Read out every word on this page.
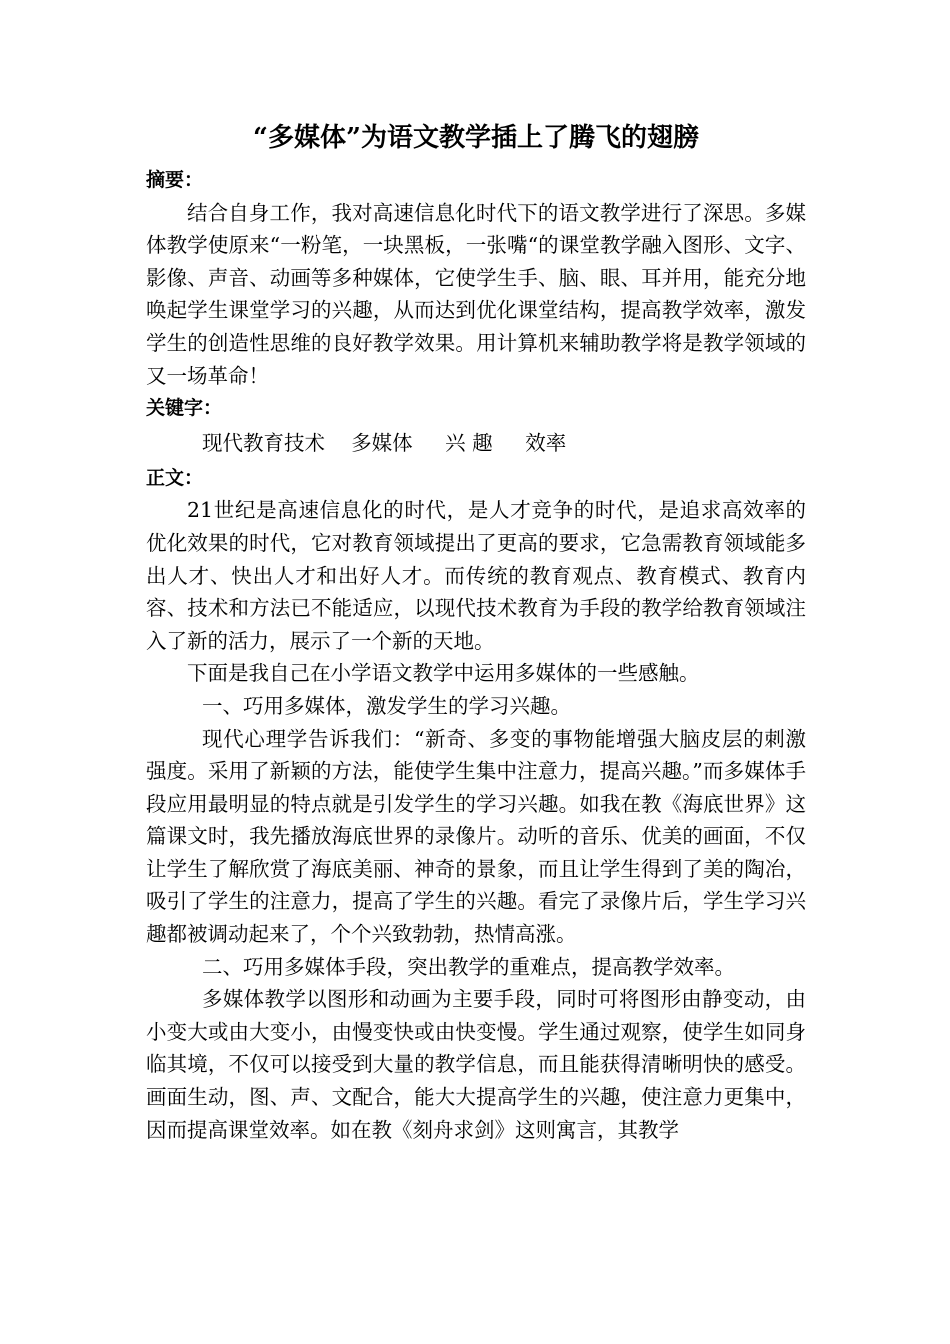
“多媒体”为语文教学插上了腾飞的翅膀
摘要：

结合自身工作，我对高速信息化时代下的语文教学进行了深思。多媒体教学使原来“一粉笔，一块黑板，一张嘴“的课堂教学融入图形、文字、影像、声音、动画等多种媒体，它使学生手、脑、眼、耳并用，能充分地唤起学生课堂学习的兴趣，从而达到优化课堂结构，提高教学效率，激发学生的创造性思维的良好教学效果。用计算机来辅助教学将是教学领域的又一场革命！

关键字：
现代教育技术    多媒体     兴 趣     效率
正文：

21世纪是高速信息化的时代，是人才竞争的时代，是追求高效率的优化效果的时代，它对教育领域提出了更高的要求，它急需教育领域能多出人才、快出人才和出好人才。而传统的教育观点、教育模式、教育内容、技术和方法已不能适应，以现代技术教育为手段的教学给教育领域注入了新的活力，展示了一个新的天地。

下面是我自己在小学语文教学中运用多媒体的一些感触。

一、巧用多媒体，激发学生的学习兴趣。

现代心理学告诉我们：“新奇、多变的事物能增强大脑皮层的刺激强度。采用了新颖的方法，能使学生集中注意力，提高兴趣。”而多媒体手段应用最明显的特点就是引发学生的学习兴趣。如我在教《海底世界》这篇课文时，我先播放海底世界的录像片。动听的音乐、优美的画面，不仅让学生了解欣赏了海底美丽、神奇的景象，而且让学生得到了美的陶冶，吸引了学生的注意力，提高了学生的兴趣。看完了录像片后，学生学习兴趣都被调动起来了，个个兴致勃勃，热情高涨。

二、巧用多媒体手段，突出教学的重难点，提高教学效率。

多媒体教学以图形和动画为主要手段，同时可将图形由静变动，由小变大或由大变小，由慢变快或由快变慢。学生通过观察，使学生如同身临其境，不仅可以接受到大量的教学信息，而且能获得清晰明快的感受。画面生动，图、声、文配合，能大大提高学生的兴趣，使注意力更集中，因而提高课堂效率。如在教《刻舟求剑》这则寓言，其教学
